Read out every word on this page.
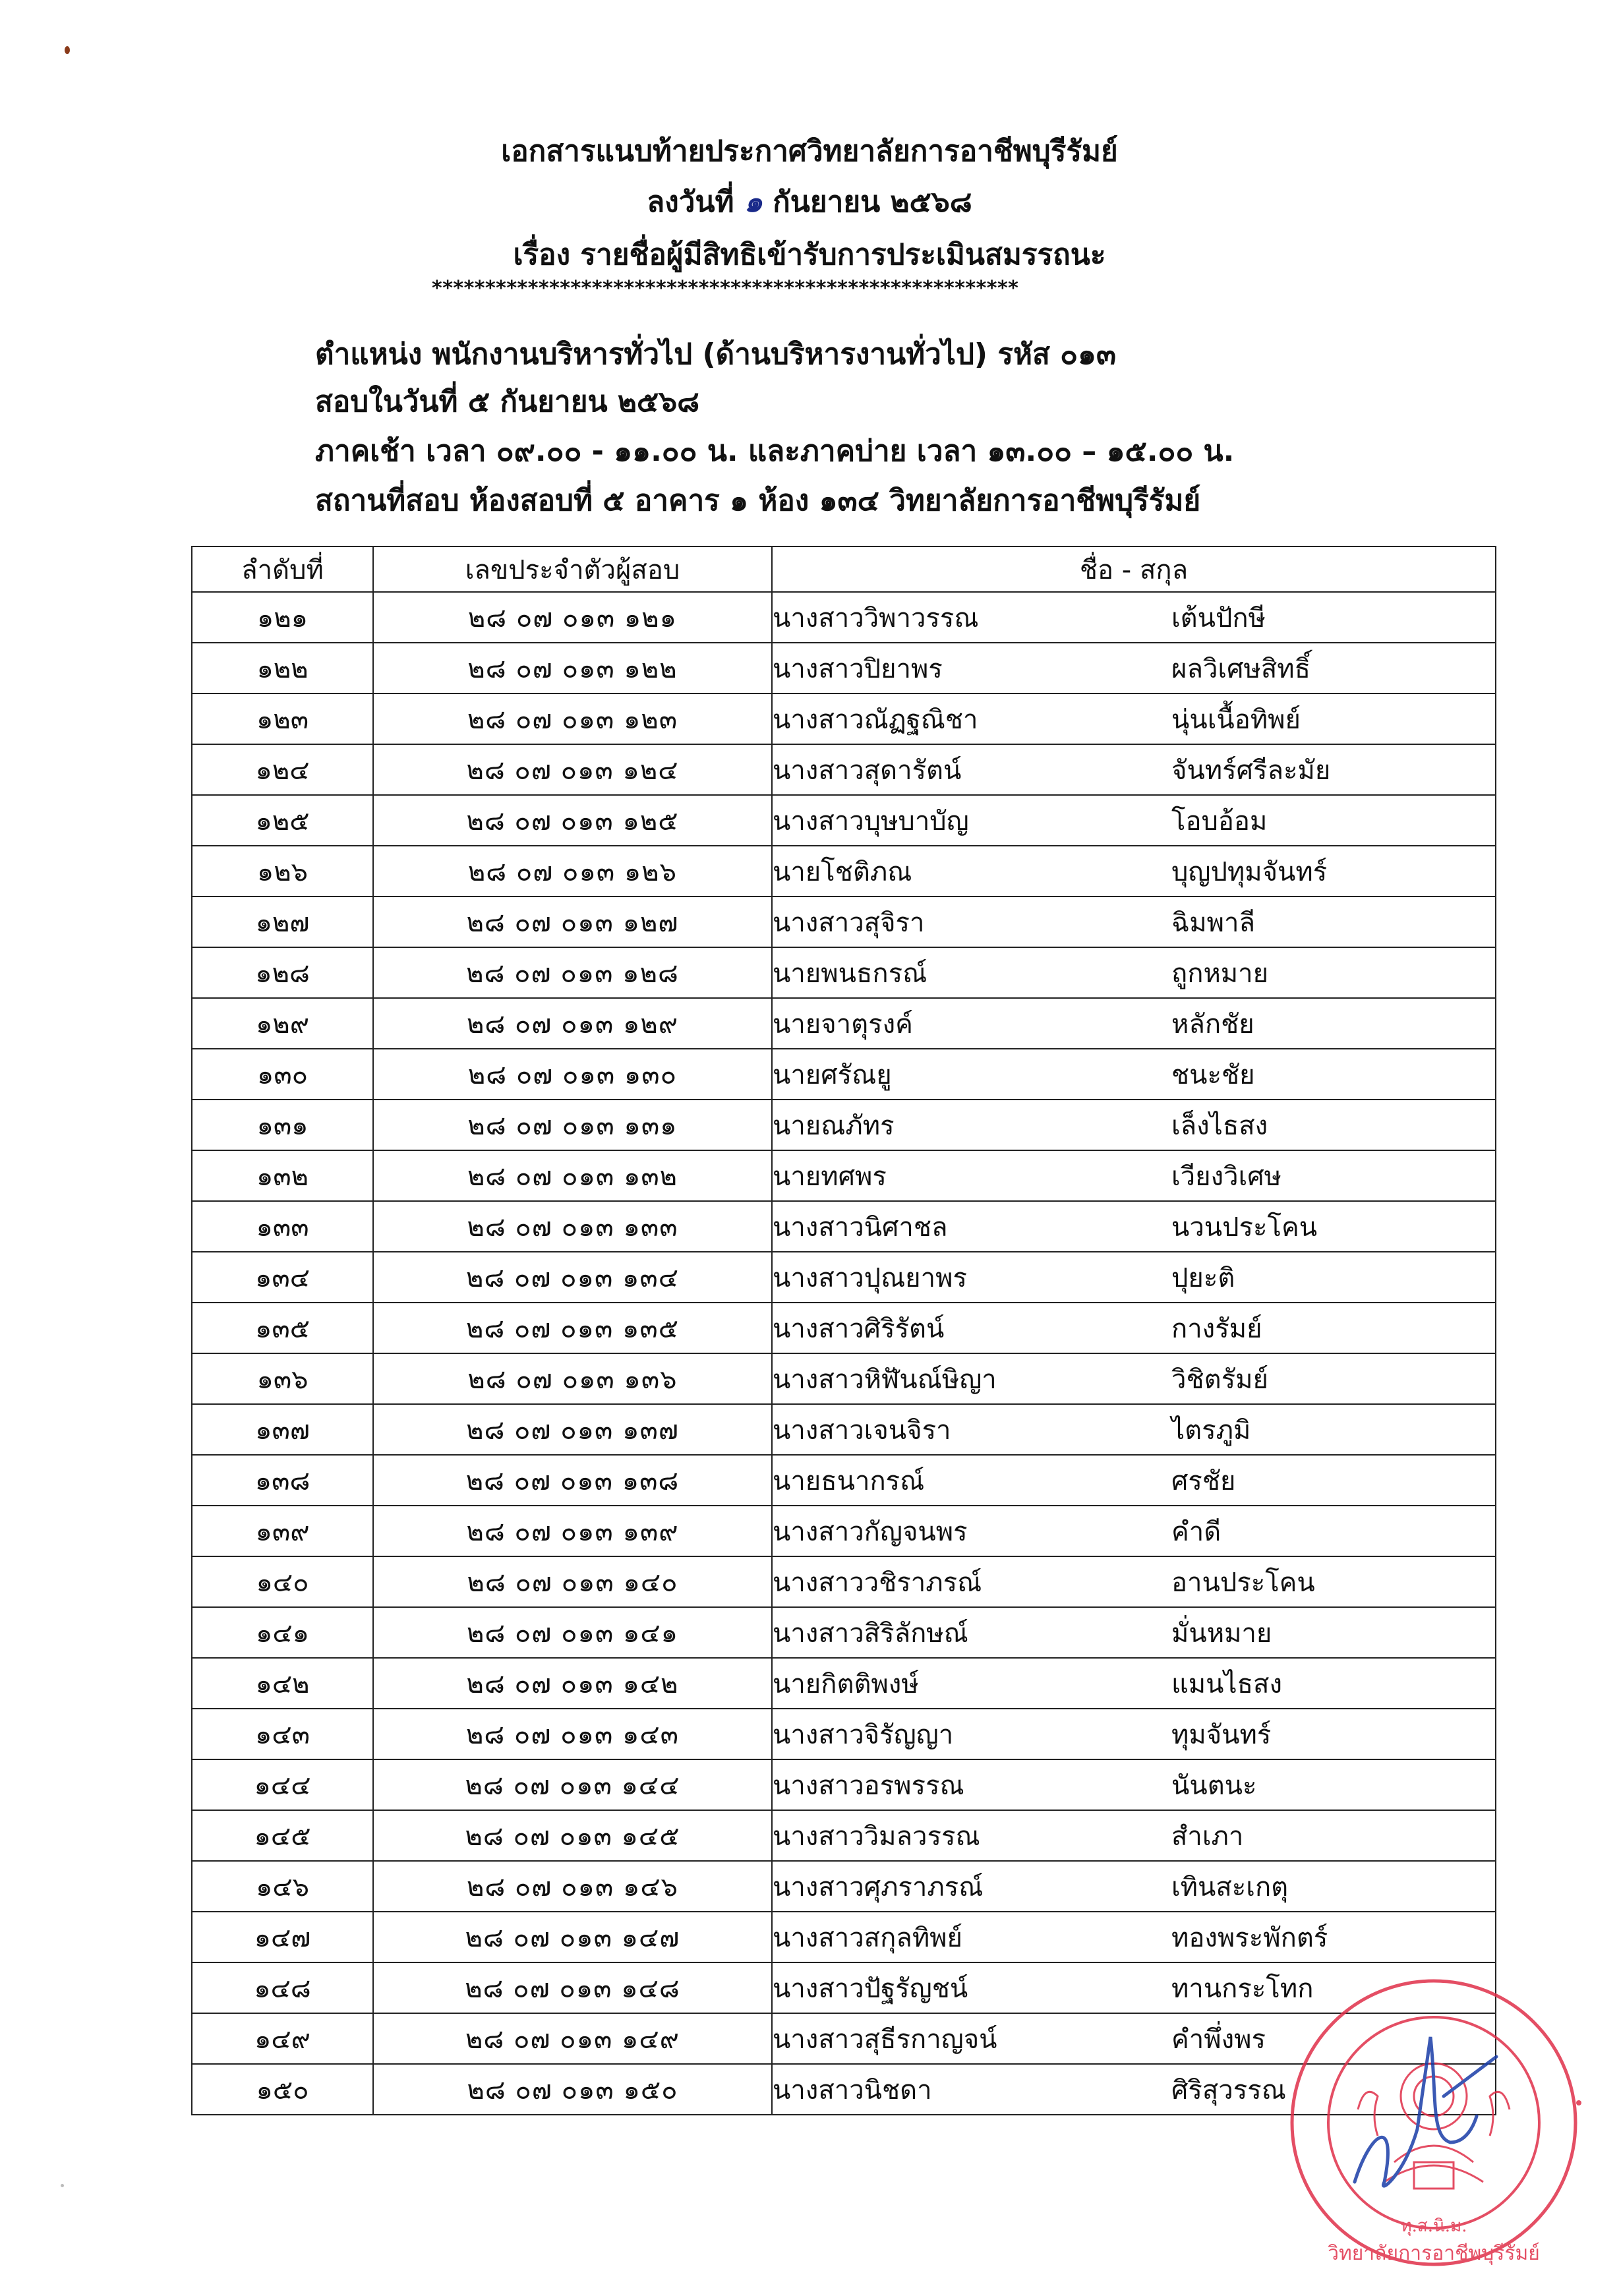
เอกสารแนบท้ายประกาศวิทยาลัยการอาชีพบุรีรัมย์
ลงวันที่ ๑ กันยายน ๒๕๖๘
เรื่อง รายชื่อผู้มีสิทธิเข้ารับการประเมินสมรรถนะ
*******************************************************
ตำแหน่ง พนักงานบริหารทั่วไป (ด้านบริหารงานทั่วไป) รหัส ๐๑๓
สอบในวันที่ ๕ กันยายน ๒๕๖๘
ภาคเช้า เวลา ๐๙.๐๐ - ๑๑.๐๐ น. และภาคบ่าย เวลา ๑๓.๐๐ – ๑๕.๐๐ น.
สถานที่สอบ ห้องสอบที่ ๕ อาคาร ๑ ห้อง ๑๓๔ วิทยาลัยการอาชีพบุรีรัมย์
ลำดับที่	เลขประจำตัวผู้สอบ	ชื่อ - สกุล
๑๒๑	๒๘ ๐๗ ๐๑๓ ๑๒๑	นางสาววิพาวรรณ เต้นปักษี
๑๒๒	๒๘ ๐๗ ๐๑๓ ๑๒๒	นางสาวปิยาพร ผลวิเศษสิทธิ์
๑๒๓	๒๘ ๐๗ ๐๑๓ ๑๒๓	นางสาวณัฏฐณิชา นุ่นเนื้อทิพย์
๑๒๔	๒๘ ๐๗ ๐๑๓ ๑๒๔	นางสาวสุดารัตน์ จันทร์ศรีละมัย
๑๒๕	๒๘ ๐๗ ๐๑๓ ๑๒๕	นางสาวบุษบาบัญ โอบอ้อม
๑๒๖	๒๘ ๐๗ ๐๑๓ ๑๒๖	นายโชติภณ บุญปทุมจันทร์
๑๒๗	๒๘ ๐๗ ๐๑๓ ๑๒๗	นางสาวสุจิรา ฉิมพาลี
๑๒๘	๒๘ ๐๗ ๐๑๓ ๑๒๘	นายพนธกรณ์ ถูกหมาย
๑๒๙	๒๘ ๐๗ ๐๑๓ ๑๒๙	นายจาตุรงค์ หลักชัย
๑๓๐	๒๘ ๐๗ ๐๑๓ ๑๓๐	นายศรัณยู ชนะชัย
๑๓๑	๒๘ ๐๗ ๐๑๓ ๑๓๑	นายณภัทร เล็งไธสง
๑๓๒	๒๘ ๐๗ ๐๑๓ ๑๓๒	นายทศพร เวียงวิเศษ
๑๓๓	๒๘ ๐๗ ๐๑๓ ๑๓๓	นางสาวนิศาชล นวนประโคน
๑๓๔	๒๘ ๐๗ ๐๑๓ ๑๓๔	นางสาวปุณยาพร ปุยะติ
๑๓๕	๒๘ ๐๗ ๐๑๓ ๑๓๕	นางสาวศิริรัตน์ กางรัมย์
๑๓๖	๒๘ ๐๗ ๐๑๓ ๑๓๖	นางสาวหิฬันณ์ษิญา วิชิตรัมย์
๑๓๗	๒๘ ๐๗ ๐๑๓ ๑๓๗	นางสาวเจนจิรา ไตรภูมิ
๑๓๘	๒๘ ๐๗ ๐๑๓ ๑๓๘	นายธนากรณ์ ศรชัย
๑๓๙	๒๘ ๐๗ ๐๑๓ ๑๓๙	นางสาวกัญจนพร คำดี
๑๔๐	๒๘ ๐๗ ๐๑๓ ๑๔๐	นางสาววชิราภรณ์ อานประโคน
๑๔๑	๒๘ ๐๗ ๐๑๓ ๑๔๑	นางสาวสิริลักษณ์ มั่นหมาย
๑๔๒	๒๘ ๐๗ ๐๑๓ ๑๔๒	นายกิตติพงษ์ แมนไธสง
๑๔๓	๒๘ ๐๗ ๐๑๓ ๑๔๓	นางสาวจิรัญญา ทุมจันทร์
๑๔๔	๒๘ ๐๗ ๐๑๓ ๑๔๔	นางสาวอรพรรณ นันตนะ
๑๔๕	๒๘ ๐๗ ๐๑๓ ๑๔๕	นางสาววิมลวรรณ สำเภา
๑๔๖	๒๘ ๐๗ ๐๑๓ ๑๔๖	นางสาวศุภราภรณ์ เทินสะเกตุ
๑๔๗	๒๘ ๐๗ ๐๑๓ ๑๔๗	นางสาวสกุลทิพย์ ทองพระพักตร์
๑๔๘	๒๘ ๐๗ ๐๑๓ ๑๔๘	นางสาวปัฐรัญชน์ ทานกระโทก
๑๔๙	๒๘ ๐๗ ๐๑๓ ๑๔๙	นางสาวสุธีรกาญจน์ คำพึ่งพร
๑๕๐	๒๘ ๐๗ ๐๑๓ ๑๕๐	นางสาวนิชดา ศิริสุวรรณ
ทุ.ส.นิ.ม.
วิทยาลัยการอาชีพบุรีรัมย์
